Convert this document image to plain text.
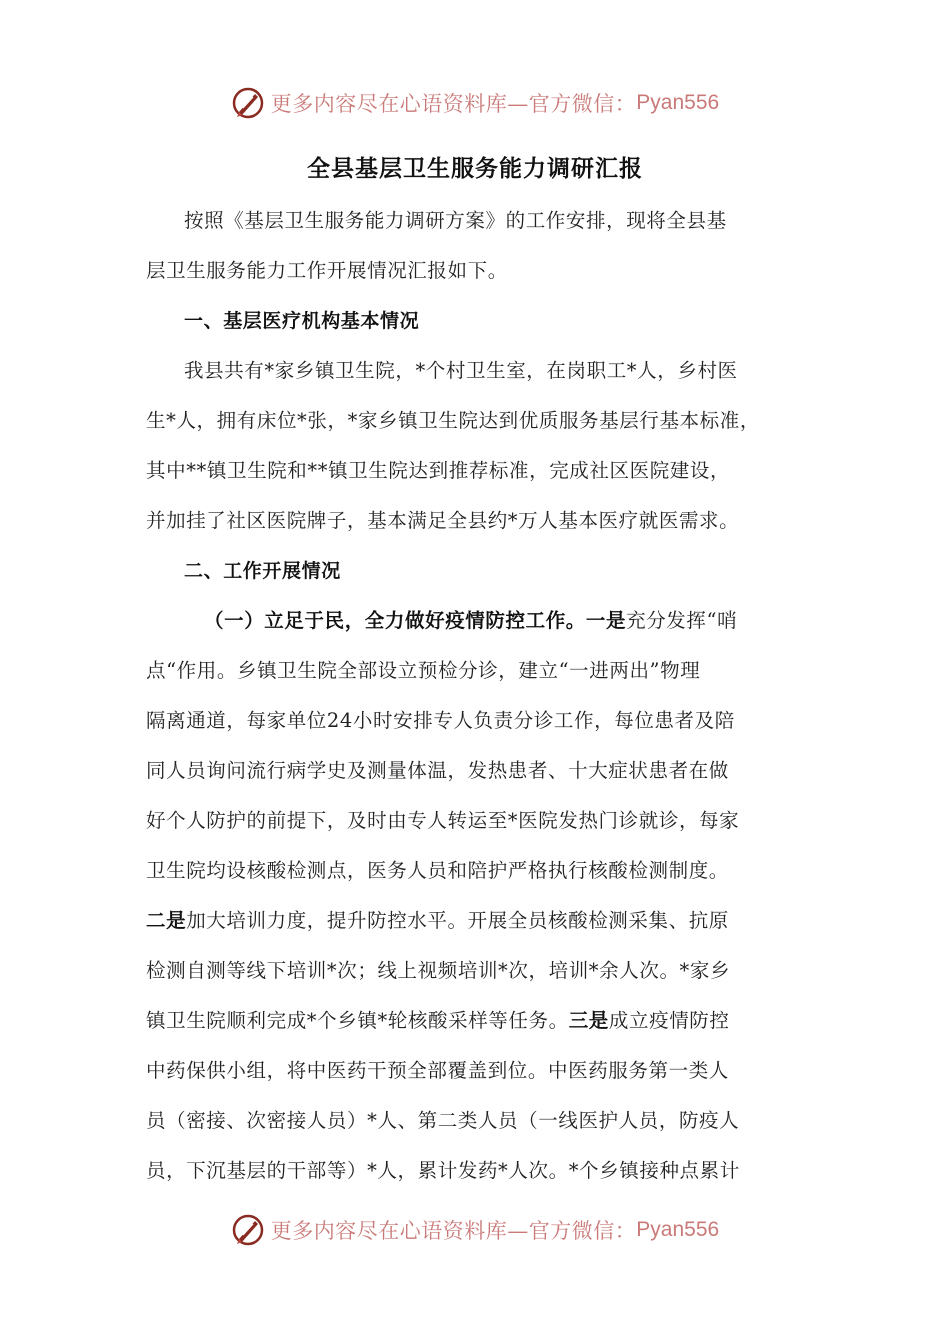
更多内容尽在心语资料库—官方微信： Pyan556
全县基层卫生服务能力调研汇报
按照《基层卫生服务能力调研方案》的工作安排，现将全县基
层卫生服务能力工作开展情况汇报如下。
一、基层医疗机构基本情况
我县共有*家乡镇卫生院，*个村卫生室，在岗职工*人，乡村医
生*人，拥有床位*张，*家乡镇卫生院达到优质服务基层行基本标准，
其中**镇卫生院和**镇卫生院达到推荐标准，完成社区医院建设，
并加挂了社区医院牌子，基本满足全县约*万人基本医疗就医需求。
二、工作开展情况
（一）立足于民，全力做好疫情防控工作。一是充分发挥“哨
点“作用。乡镇卫生院全部设立预检分诊，建立“一进两出”物理
隔离通道，每家单位24小时安排专人负责分诊工作，每位患者及陪
同人员询问流行病学史及测量体温，发热患者、十大症状患者在做
好个人防护的前提下，及时由专人转运至*医院发热门诊就诊，每家
卫生院均设核酸检测点，医务人员和陪护严格执行核酸检测制度。
二是加大培训力度，提升防控水平。开展全员核酸检测采集、抗原
检测自测等线下培训*次；线上视频培训*次，培训*余人次。*家乡
镇卫生院顺利完成*个乡镇*轮核酸采样等任务。三是成立疫情防控
中药保供小组，将中医药干预全部覆盖到位。中医药服务第一类人
员（密接、次密接人员）*人、第二类人员（一线医护人员，防疫人
员，下沉基层的干部等）*人，累计发药*人次。*个乡镇接种点累计
更多内容尽在心语资料库—官方微信： Pyan556
